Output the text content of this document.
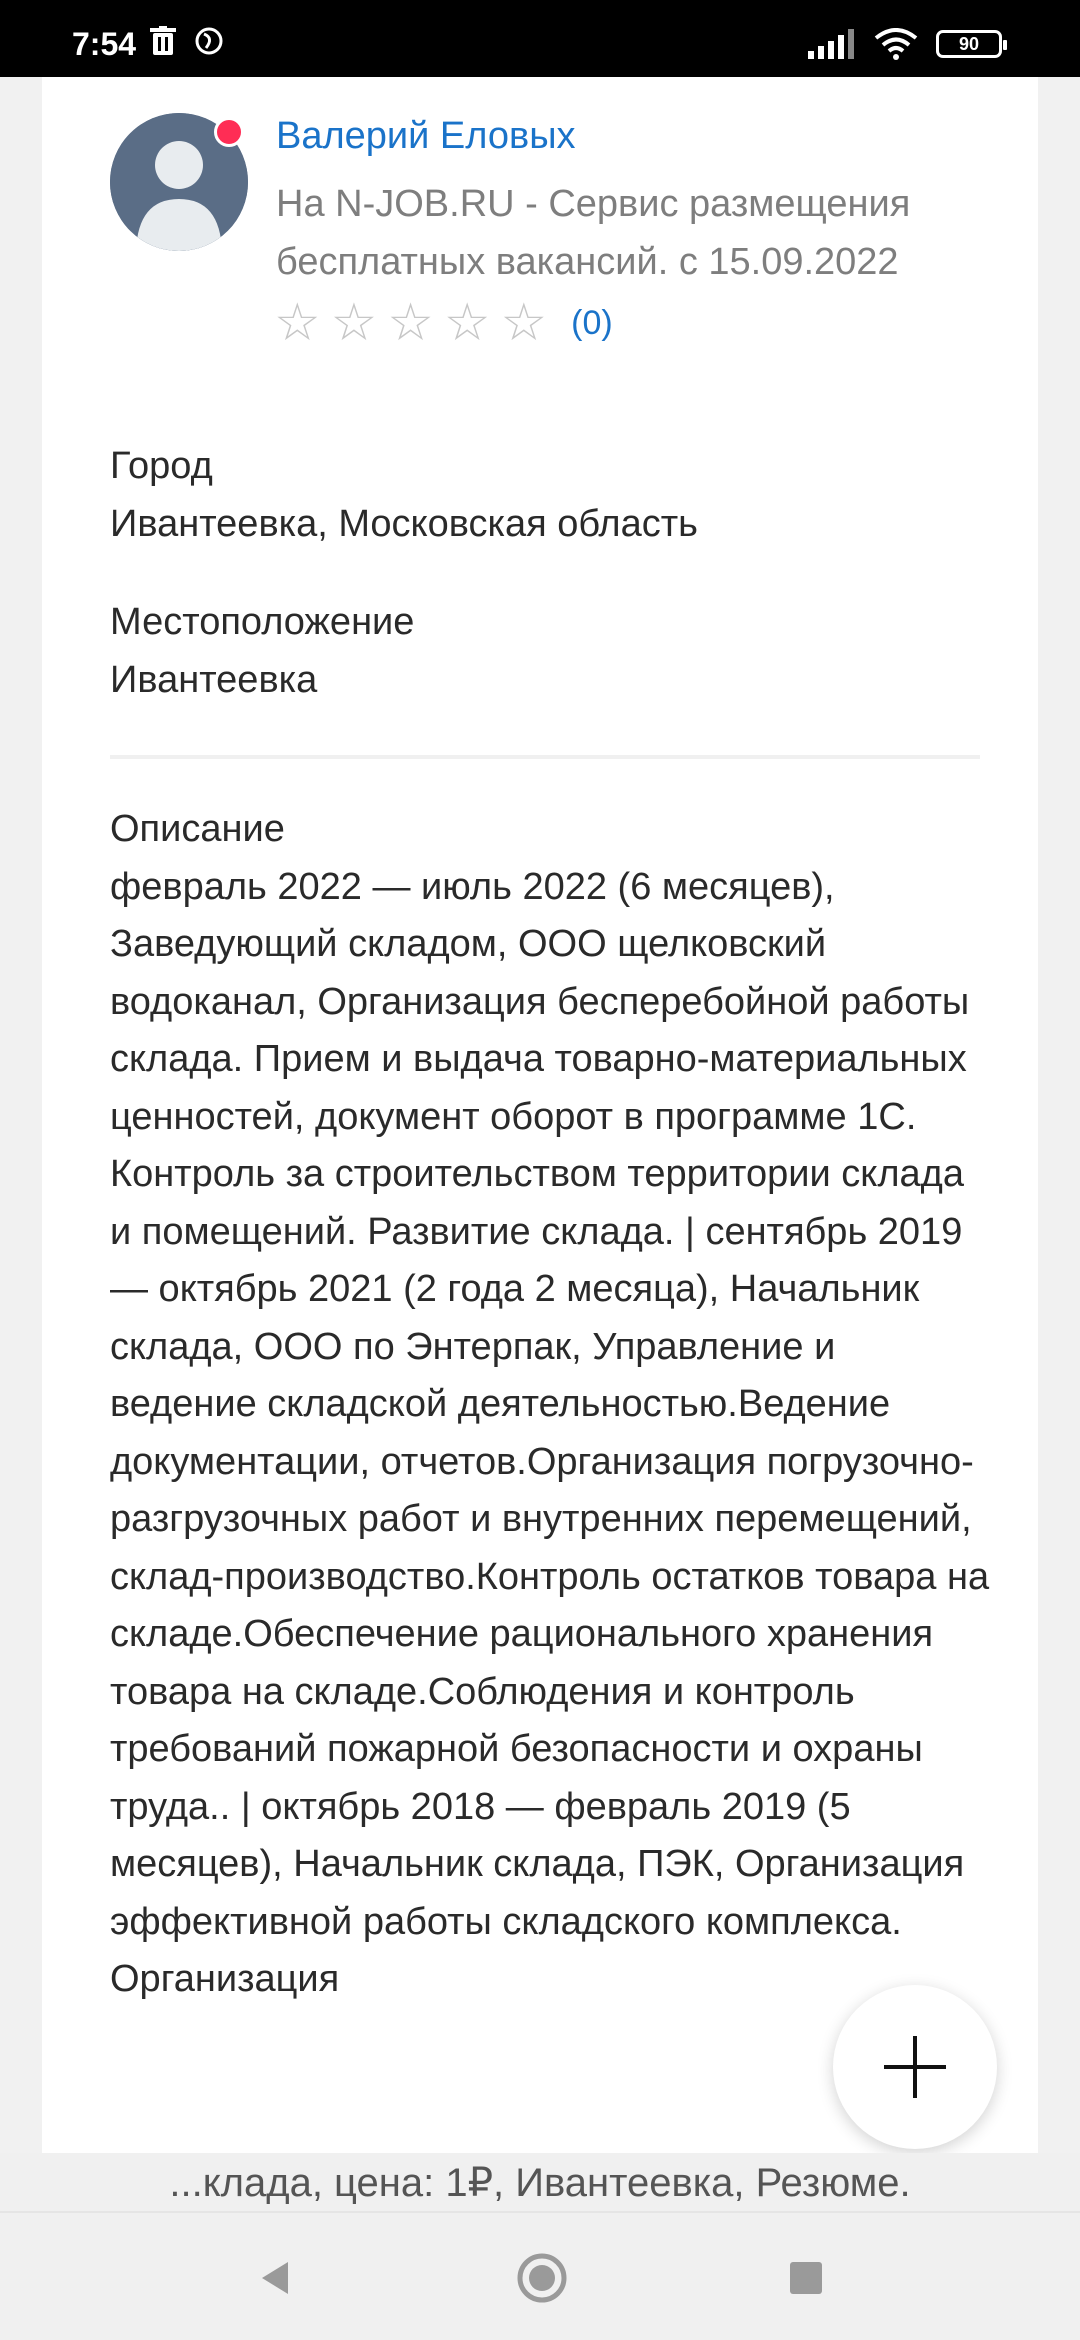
7:54	90
Валерий Еловых
На N-JOB.RU - Сервис размещения бесплатных вакансий. с 15.09.2022
☆ ☆ ☆ ☆ ☆ (0)
Город
Ивантеевка, Московская область
Местоположение
Ивантеевка
Описание
февраль 2022 — июль 2022 (6 месяцев), Заведующий складом, ООО щелковский водоканал, Организация бесперебойной работы склада. Прием и выдача товарно-материальных ценностей, документ оборот в программе 1С. Контроль за строительством территории склада и помещений. Развитие склада. | сентябрь 2019 — октябрь 2021 (2 года 2 месяца), Начальник склада, ООО по Энтерпак, Управление и ведение складской деятельностью.Ведение документации, отчетов.Организация погрузочно-разгрузочных работ и внутренних перемещений, склад-производство.Контроль остатков товара на складе.Обеспечение рационального хранения товара на складе.Соблюдения и контроль требований пожарной безопасности и охраны труда.. | октябрь 2018 — февраль 2019 (5 месяцев), Начальник склада, ПЭК, Организация эффективной работы складского комплекса. Организация
...клада, цена: 1₽, Ивантеевка, Резюме.
